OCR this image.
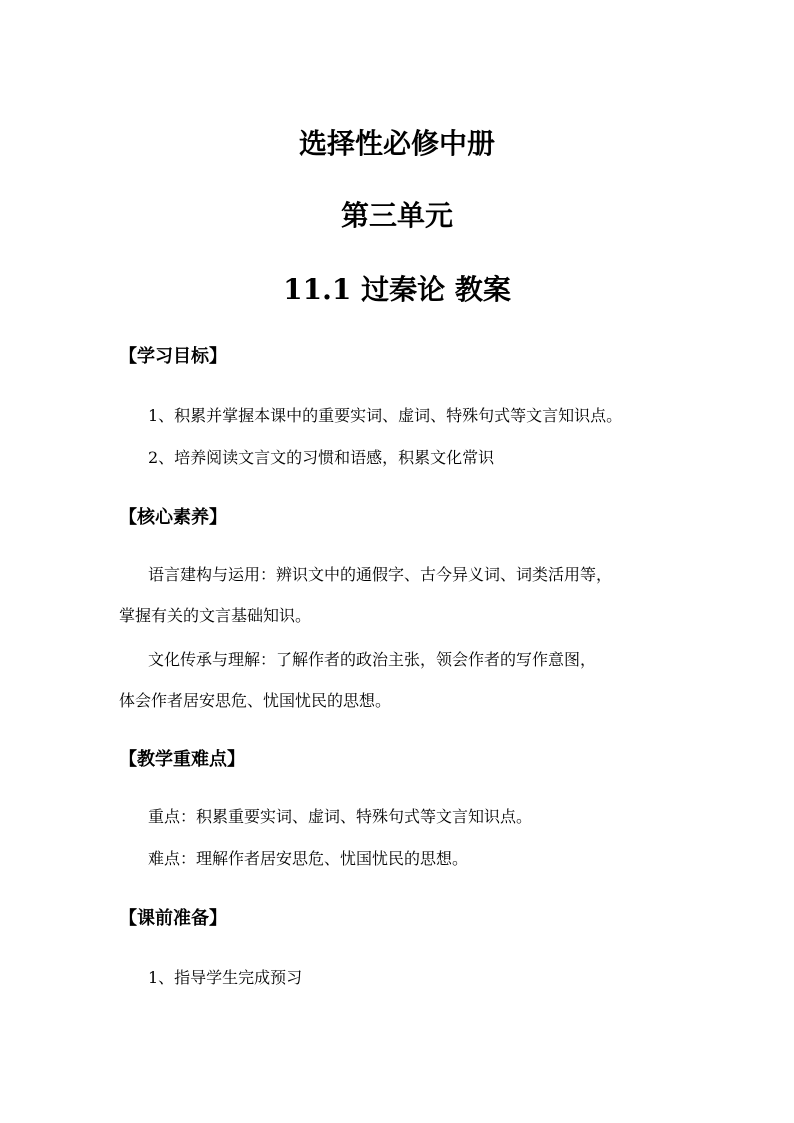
选择性必修中册
第三单元
11.1 过秦论 教案
【学习目标】
1、积累并掌握本课中的重要实词、虚词、特殊句式等文言知识点。
2、培养阅读文言文的习惯和语感，积累文化常识
【核心素养】
语言建构与运用：辨识文中的通假字、古今异义词、词类活用等，
掌握有关的文言基础知识。
文化传承与理解：了解作者的政治主张，领会作者的写作意图，
体会作者居安思危、忧国忧民的思想。
【教学重难点】
重点：积累重要实词、虚词、特殊句式等文言知识点。
难点：理解作者居安思危、忧国忧民的思想。
【课前准备】
1、指导学生完成预习
